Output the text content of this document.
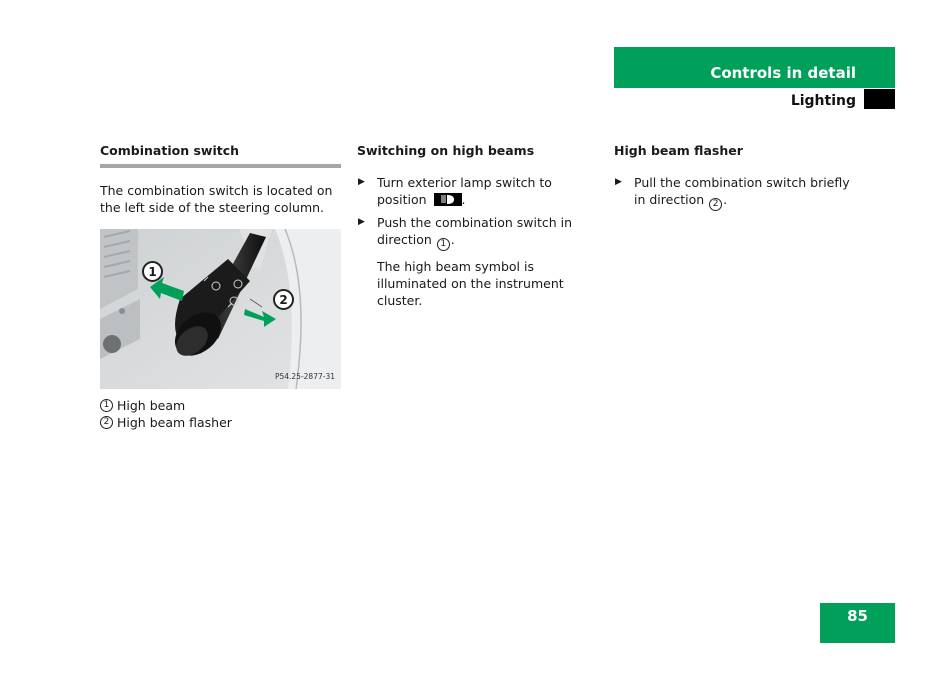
Controls in detail
Lighting
Combination switch

The combination switch is located on the left side of the steering column.

1
2
P54.25-2877-31
1 High beam
2 High beam flasher
Switching on high beams
▶ Turn exterior lamp switch to position	.
▶ Push the combination switch in direction 1 .

The high beam symbol is illuminated on the instrument cluster.

High beam flasher
▶ Pull the combination switch briefly in direction 2 .
85
